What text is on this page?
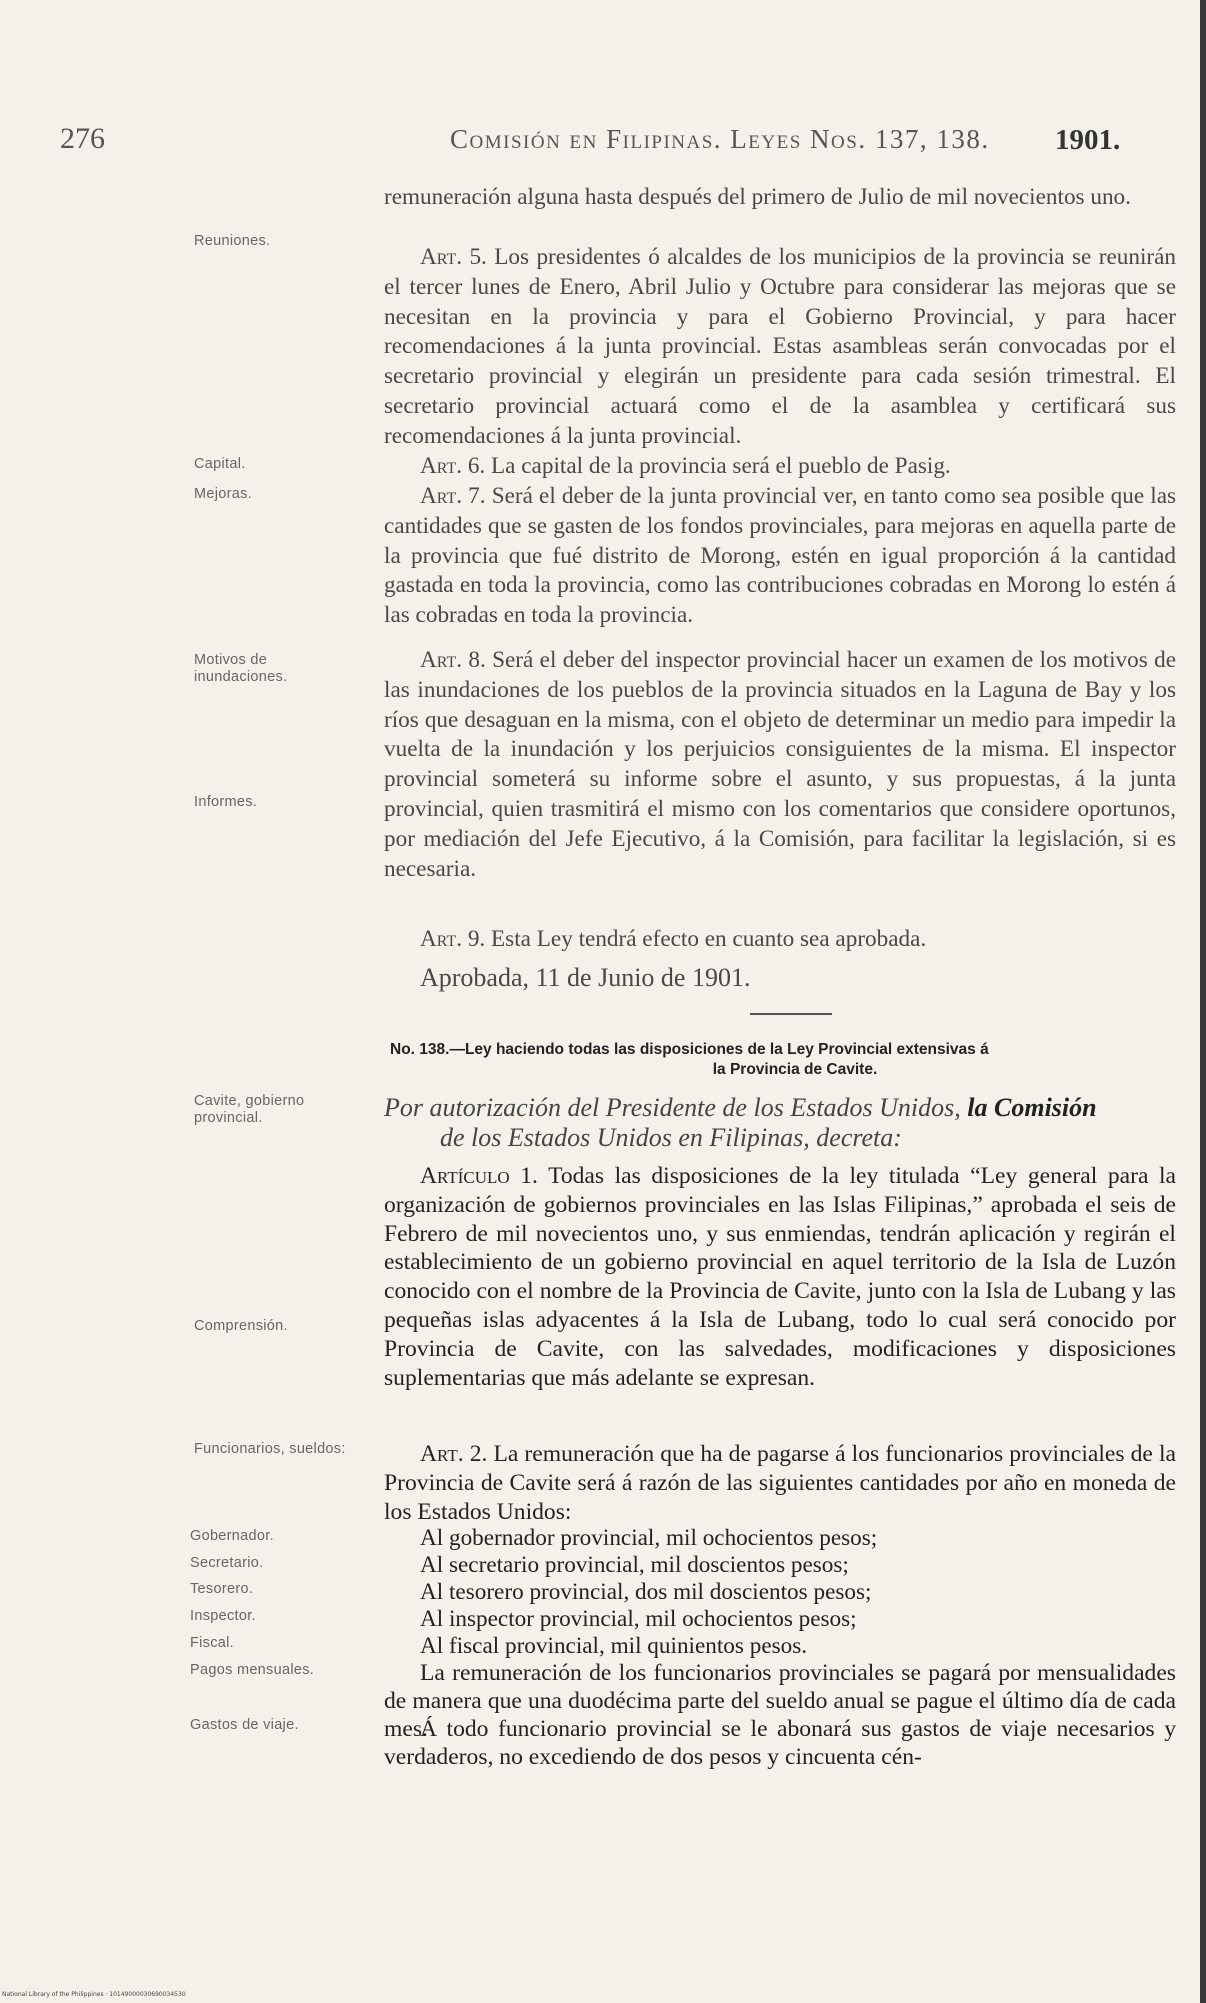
276	Comisión en Filipinas. Leyes Nos. 137, 138. 1901.
Reuniones.
Capital.
Mejoras.
Motivos de inundaciones.
Informes.
Cavite, gobierno provincial.
Comprensión.
Funcionarios, sueldos:
Gobernador.
Secretario.
Tesorero.
Inspector.
Fiscal.
Pagos mensuales.
Gastos de viaje.

remuneración alguna hasta después del primero de Julio de mil novecientos uno.

Art. 5. Los presidentes ó alcaldes de los municipios de la provincia se reunirán el tercer lunes de Enero, Abril Julio y Octubre para considerar las mejoras que se necesitan en la provincia y para el Gobierno Provincial, y para hacer recomendaciones á la junta provincial. Estas asambleas serán convocadas por el secretario provincial y elegirán un presidente para cada sesión trimestral. El secretario provincial actuará como el de la asamblea y certificará sus recomendaciones á la junta provincial.

Art. 6. La capital de la provincia será el pueblo de Pasig.

Art. 7. Será el deber de la junta provincial ver, en tanto como sea posible que las cantidades que se gasten de los fondos provinciales, para mejoras en aquella parte de la provincia que fué distrito de Morong, estén en igual proporción á la cantidad gastada en toda la provincia, como las contribuciones cobradas en Morong lo estén á las cobradas en toda la provincia.

Art. 8. Será el deber del inspector provincial hacer un examen de los motivos de las inundaciones de los pueblos de la provincia situados en la Laguna de Bay y los ríos que desaguan en la misma, con el objeto de determinar un medio para impedir la vuelta de la inundación y los perjuicios consiguientes de la misma. El inspector provincial someterá su informe sobre el asunto, y sus propuestas, á la junta provincial, quien trasmitirá el mismo con los comentarios que considere oportunos, por mediación del Jefe Ejecutivo, á la Comisión, para facilitar la legislación, si es necesaria.

Art. 9. Esta Ley tendrá efecto en cuanto sea aprobada.

Aprobada, 11 de Junio de 1901.
No. 138.—Ley haciendo todas las disposiciones de la Ley Provincial extensivas á
la Provincia de Cavite.
Por autorización del Presidente de los Estados Unidos, la Comisión
de los Estados Unidos en Filipinas, decreta:

Artículo 1. Todas las disposiciones de la ley titulada “Ley general para la organización de gobiernos provinciales en las Islas Filipinas,” aprobada el seis de Febrero de mil novecientos uno, y sus enmiendas, tendrán aplicación y regirán el establecimiento de un gobierno provincial en aquel territorio de la Isla de Luzón conocido con el nombre de la Provincia de Cavite, junto con la Isla de Lubang y las pequeñas islas adyacentes á la Isla de Lubang, todo lo cual será conocido por Provincia de Cavite, con las salvedades, modificaciones y disposiciones suplementarias que más adelante se expresan.

Art. 2. La remuneración que ha de pagarse á los funcionarios provinciales de la Provincia de Cavite será á razón de las siguientes cantidades por año en moneda de los Estados Unidos:

Al gobernador provincial, mil ochocientos pesos;

Al secretario provincial, mil doscientos pesos;

Al tesorero provincial, dos mil doscientos pesos;

Al inspector provincial, mil ochocientos pesos;

Al fiscal provincial, mil quinientos pesos.

La remuneración de los funcionarios provinciales se pagará por mensualidades de manera que una duodécima parte del sueldo anual se pague el último día de cada mes.

Á todo funcionario provincial se le abonará sus gastos de viaje necesarios y verdaderos, no excediendo de dos pesos y cincuenta cén-

National Library of the Philippines · 10149000030690034530
